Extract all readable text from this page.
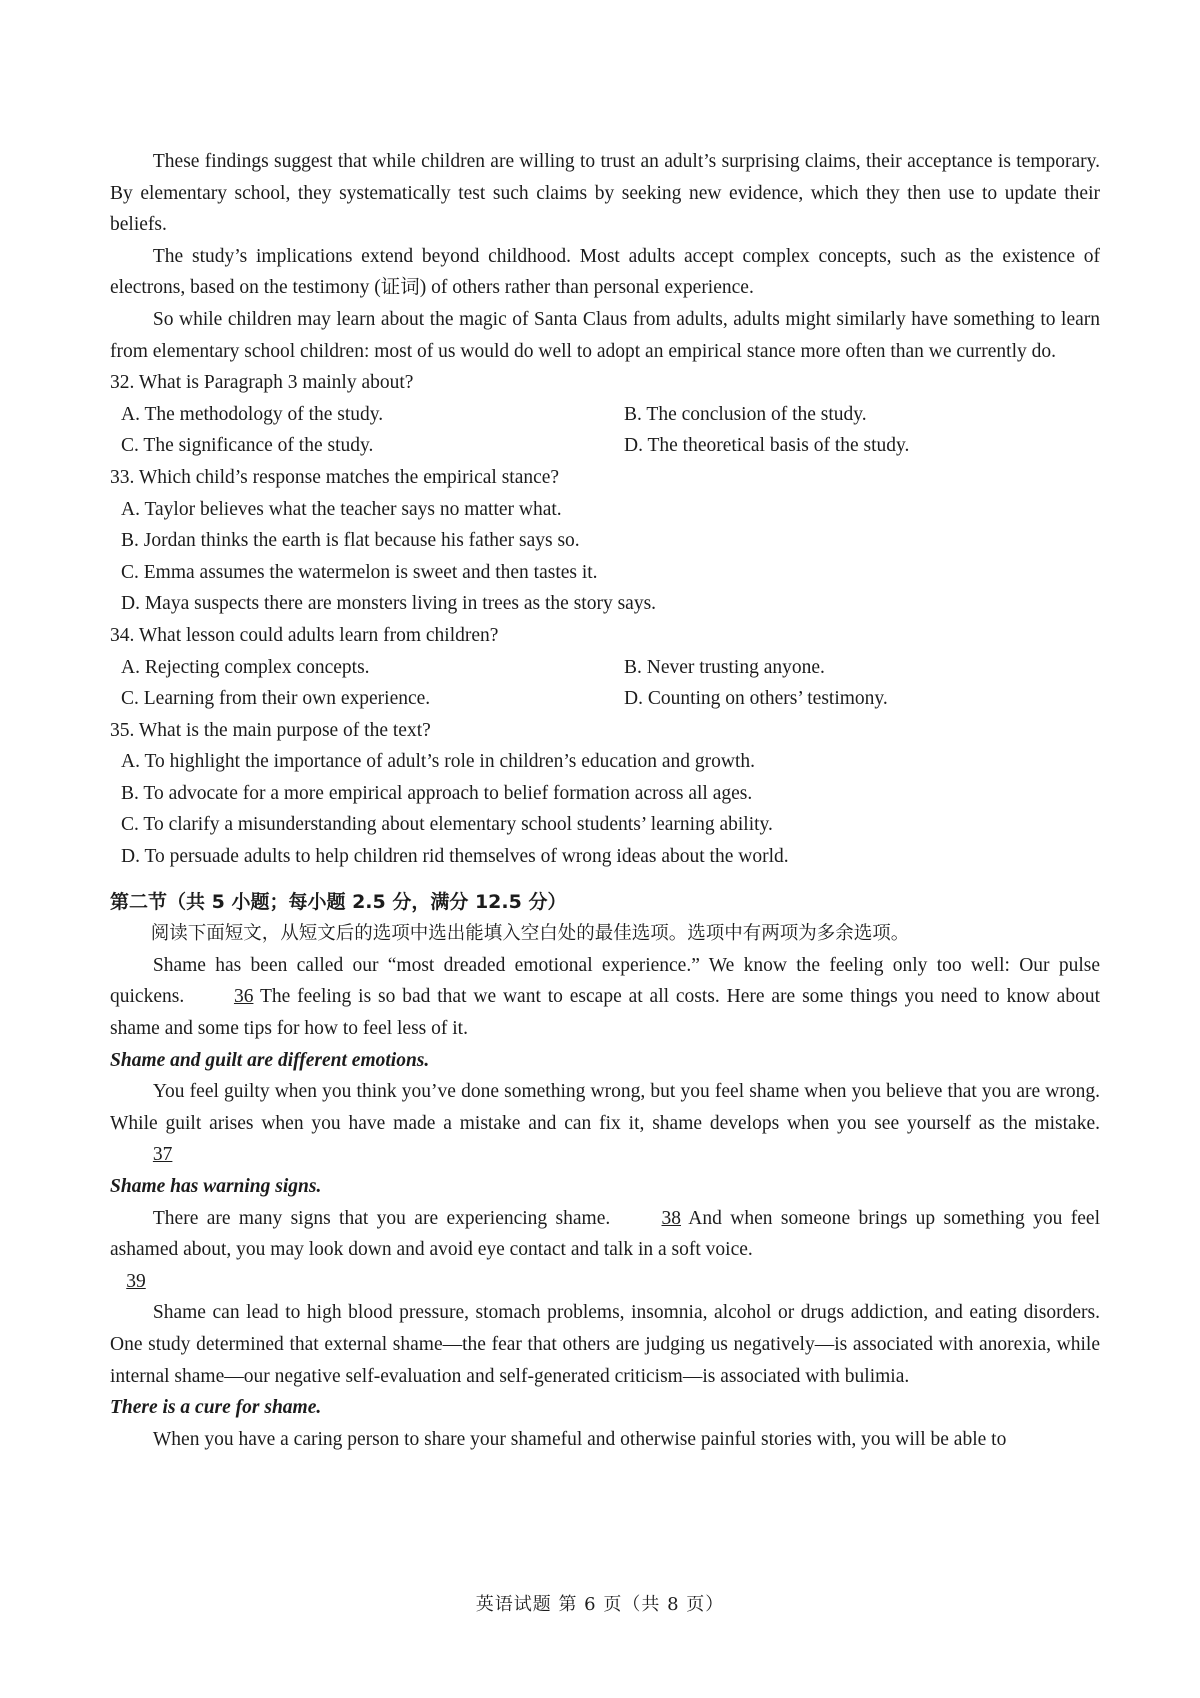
These findings suggest that while children are willing to trust an adult’s surprising claims, their acceptance is temporary. By elementary school, they systematically test such claims by seeking new evidence, which they then use to update their beliefs.

The study’s implications extend beyond childhood. Most adults accept complex concepts, such as the existence of electrons, based on the testimony (证词) of others rather than personal experience.

So while children may learn about the magic of Santa Claus from adults, adults might similarly have something to learn from elementary school children: most of us would do well to adopt an empirical stance more often than we currently do.

32. What is Paragraph 3 mainly about?

A. The methodology of the study.	B. The conclusion of the study.

C. The significance of the study.	D. The theoretical basis of the study.

33. Which child’s response matches the empirical stance?

A. Taylor believes what the teacher says no matter what.

B. Jordan thinks the earth is flat because his father says so.

C. Emma assumes the watermelon is sweet and then tastes it.

D. Maya suspects there are monsters living in trees as the story says.

34. What lesson could adults learn from children?

A. Rejecting complex concepts.	B. Never trusting anyone.

C. Learning from their own experience.	D. Counting on others’ testimony.

35. What is the main purpose of the text?

A. To highlight the importance of adult’s role in children’s education and growth.

B. To advocate for a more empirical approach to belief formation across all ages.

C. To clarify a misunderstanding about elementary school students’ learning ability.

D. To persuade adults to help children rid themselves of wrong ideas about the world.

第二节（共 5 小题；每小题 2.5 分，满分 12.5 分）

阅读下面短文，从短文后的选项中选出能填入空白处的最佳选项。选项中有两项为多余选项。

Shame has been called our “most dreaded emotional experience.” We know the feeling only too well: Our pulse quickens. 36 The feeling is so bad that we want to escape at all costs. Here are some things you need to know about shame and some tips for how to feel less of it.

Shame and guilt are different emotions.

You feel guilty when you think you’ve done something wrong, but you feel shame when you believe that you are wrong. While guilt arises when you have made a mistake and can fix it, shame develops when you see yourself as the mistake. 37

Shame has warning signs.

There are many signs that you are experiencing shame. 38 And when someone brings up something you feel ashamed about, you may look down and avoid eye contact and talk in a soft voice.

39

Shame can lead to high blood pressure, stomach problems, insomnia, alcohol or drugs addiction, and eating disorders. One study determined that external shame—the fear that others are judging us negatively—is associated with anorexia, while internal shame—our negative self-evaluation and self-generated criticism—is associated with bulimia.

There is a cure for shame.

When you have a caring person to share your shameful and otherwise painful stories with, you will be able to

英语试题 第 6 页（共 8 页）
